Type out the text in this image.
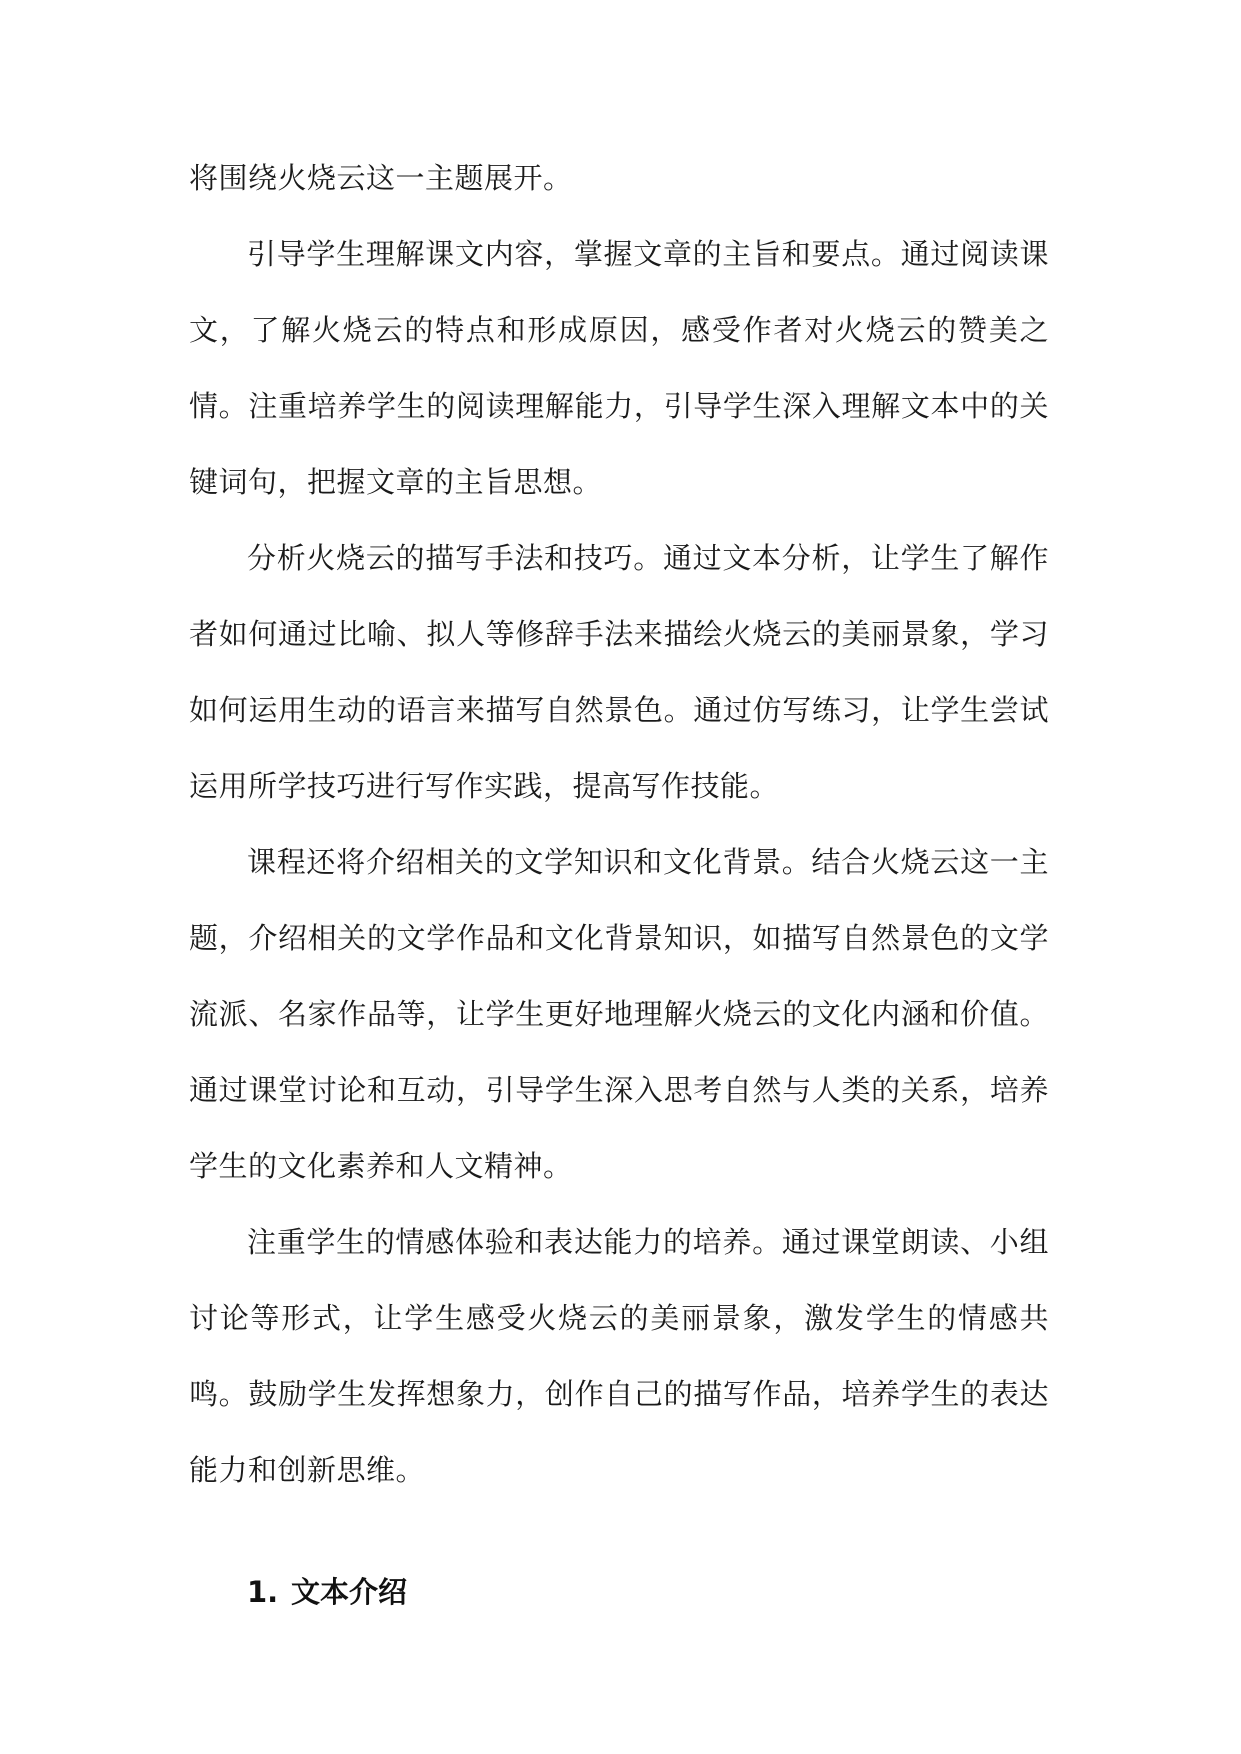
将围绕火烧云这一主题展开。

引导学生理解课文内容，掌握文章的主旨和要点。通过阅读课文，了解火烧云的特点和形成原因，感受作者对火烧云的赞美之情。注重培养学生的阅读理解能力，引导学生深入理解文本中的关键词句，把握文章的主旨思想。

分析火烧云的描写手法和技巧。通过文本分析，让学生了解作者如何通过比喻、拟人等修辞手法来描绘火烧云的美丽景象，学习如何运用生动的语言来描写自然景色。通过仿写练习，让学生尝试运用所学技巧进行写作实践，提高写作技能。

课程还将介绍相关的文学知识和文化背景。结合火烧云这一主题，介绍相关的文学作品和文化背景知识，如描写自然景色的文学流派、名家作品等，让学生更好地理解火烧云的文化内涵和价值。通过课堂讨论和互动，引导学生深入思考自然与人类的关系，培养学生的文化素养和人文精神。

注重学生的情感体验和表达能力的培养。通过课堂朗读、小组讨论等形式，让学生感受火烧云的美丽景象，激发学生的情感共鸣。鼓励学生发挥想象力，创作自己的描写作品，培养学生的表达能力和创新思维。

1. 文本介绍
